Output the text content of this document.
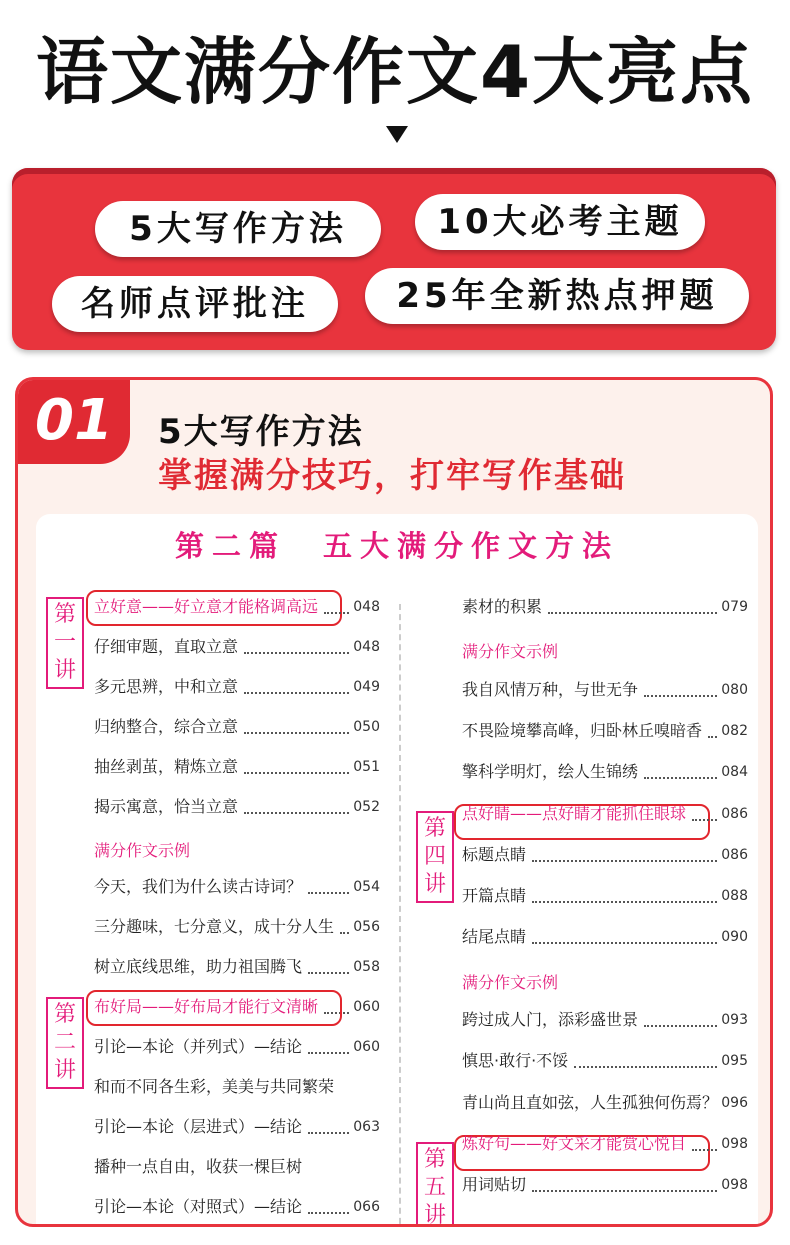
语文满分作文4大亮点
5大写作方法	10大必考主题
名师点评批注	25年全新热点押题
01	5大写作方法
掌握满分技巧，打牢写作基础
第二篇　五大满分作文方法
第
一
讲
立好意——好立意才能格调高远	048
仔细审题，直取立意	048
多元思辨，中和立意	049
归纳整合，综合立意	050
抽丝剥茧，精炼立意	051
揭示寓意，恰当立意	052
满分作文示例
今天，我们为什么读古诗词？	054
三分趣味，七分意义，成十分人生 056
树立底线思维，助力祖国腾飞	058
布好局——好布局才能行文清晰	060
引论—本论（并列式）—结论	060
和而不同各生彩，美美与共同繁荣
引论—本论（层进式）—结论	063
播种一点自由，收获一棵巨树
引论—本论（对照式）—结论	066
第
二
讲
第
四
讲
第
五
讲
素材的积累	079
满分作文示例
我自风情万种，与世无争	080
不畏险境攀高峰，归卧林丘嗅暗香 082
擎科学明灯，绘人生锦绣	084
点好睛——点好睛才能抓住眼球	086
标题点睛	086
开篇点睛	088
结尾点睛	090
满分作文示例
跨过成人门，添彩盛世景	093
慎思·敢行·不馁	095
青山尚且直如弦，人生孤独何伤焉？ 096
炼好句——好文采才能赏心悦目	098
用词贴切	098
